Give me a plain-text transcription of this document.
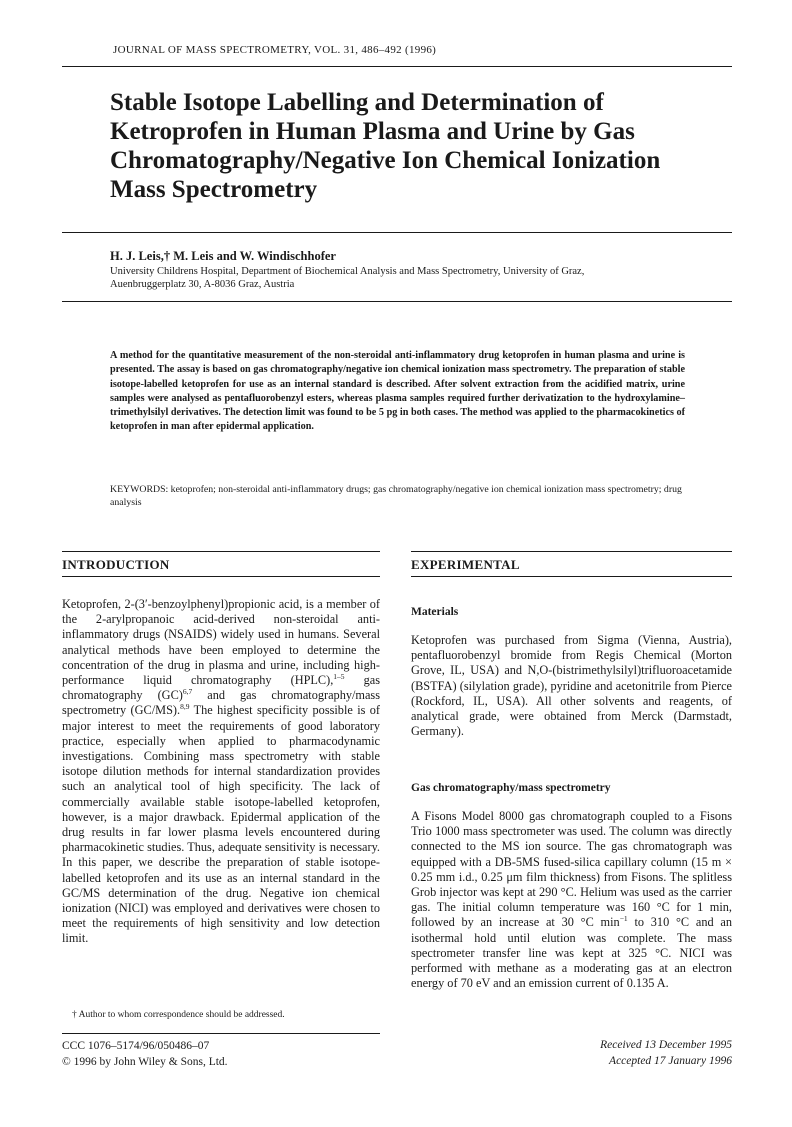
JOURNAL OF MASS SPECTROMETRY, VOL. 31, 486–492 (1996)
Stable Isotope Labelling and Determination of Ketroprofen in Human Plasma and Urine by Gas Chromatography/Negative Ion Chemical Ionization Mass Spectrometry
H. J. Leis,† M. Leis and W. Windischhofer
University Childrens Hospital, Department of Biochemical Analysis and Mass Spectrometry, University of Graz, Auenbruggerplatz 30, A-8036 Graz, Austria

A method for the quantitative measurement of the non-steroidal anti-inflammatory drug ketoprofen in human plasma and urine is presented. The assay is based on gas chromatography/negative ion chemical ionization mass spectrometry. The preparation of stable isotope-labelled ketoprofen for use as an internal standard is described. After solvent extraction from the acidified matrix, urine samples were analysed as pentafluorobenzyl esters, whereas plasma samples required further derivatization to the hydroxylamine–trimethylsilyl derivatives. The detection limit was found to be 5 pg in both cases. The method was applied to the pharmacokinetics of ketoprofen in man after epidermal application.

KEYWORDS: ketoprofen; non-steroidal anti-inflammatory drugs; gas chromatography/negative ion chemical ionization mass spectrometry; drug analysis

INTRODUCTION

Ketoprofen, 2-(3′-benzoylphenyl)propionic acid, is a member of the 2-arylpropanoic acid-derived non-steroidal anti-inflammatory drugs (NSAIDS) widely used in humans. Several analytical methods have been employed to determine the concentration of the drug in plasma and urine, including high-performance liquid chromatography (HPLC),$^{1-5}$ gas chromatography (GC)$^{6,7}$ and gas chromatography/mass spectrometry (GC/MS).$^{8,9}$ The highest specificity possible is of major interest to meet the requirements of good laboratory practice, especially when applied to pharmacodynamic investigations. Combining mass spectrometry with stable isotope dilution methods for internal standardization provides such an analytical tool of high specificity. The lack of commercially available stable isotope-labelled ketoprofen, however, is a major drawback. Epidermal application of the drug results in far lower plasma levels encountered during pharmacokinetic studies. Thus, adequate sensitivity is necessary. In this paper, we describe the preparation of stable isotope-labelled ketoprofen and its use as an internal standard in the GC/MS determination of the drug. Negative ion chemical ionization (NICI) was employed and derivatives were chosen to meet the requirements of high sensitivity and low detection limit.

† Author to whom correspondence should be addressed.
CCC 1076–5174/96/050486–07
© 1996 by John Wiley & Sons, Ltd.
EXPERIMENTAL
Materials

Ketoprofen was purchased from Sigma (Vienna, Austria), pentafluorobenzyl bromide from Regis Chemical (Morton Grove, IL, USA) and N,O-(bistrimethylsilyl)trifluoroacetamide (BSTFA) (silylation grade), pyridine and acetonitrile from Pierce (Rockford, IL, USA). All other solvents and reagents, of analytical grade, were obtained from Merck (Darmstadt, Germany).

Gas chromatography/mass spectrometry

A Fisons Model 8000 gas chromatograph coupled to a Fisons Trio 1000 mass spectrometer was used. The column was directly connected to the MS ion source. The gas chromatograph was equipped with a DB-5MS fused-silica capillary column (15 m × 0.25 mm i.d., 0.25 μm film thickness) from Fisons. The splitless Grob injector was kept at 290 °C. Helium was used as the carrier gas. The initial column temperature was 160 °C for 1 min, followed by an increase at 30 °C $\min^{-1}$ to 310 °C and an isothermal hold until elution was complete. The mass spectrometer transfer line was kept at 325 °C. NICI was performed with methane as a moderating gas at an electron energy of 70 eV and an emission current of 0.135 A.

Received 13 December 1995
Accepted 17 January 1996
